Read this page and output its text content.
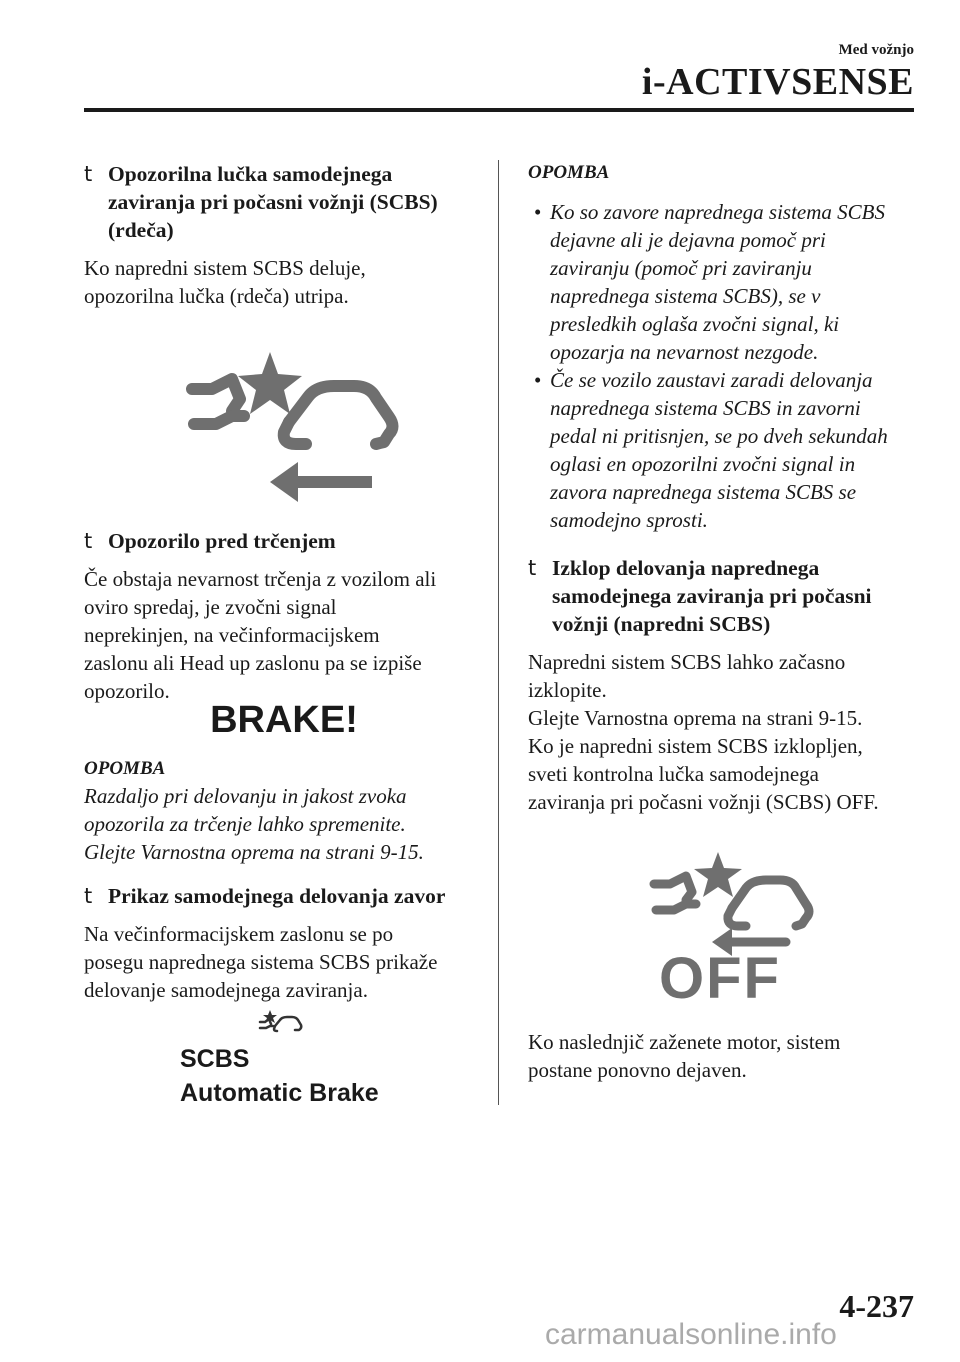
Med vožnjo
i-ACTIVSENSE
t Opozorilna lučka samodejnega
zaviranja pri počasni vožnji (SCBS)
(rdeča)
Ko napredni sistem SCBS deluje,
opozorilna lučka (rdeča) utripa.
t Opozorilo pred trčenjem
Če obstaja nevarnost trčenja z vozilom ali
oviro spredaj, je zvočni signal
neprekinjen, na večinformacijskem
zaslonu ali Head up zaslonu pa se izpiše
opozorilo.
BRAKE!
OPOMBA
Razdaljo pri delovanju in jakost zvoka
opozorila za trčenje lahko spremenite.
Glejte Varnostna oprema na strani 9-15.
t Prikaz samodejnega delovanja zavor
Na večinformacijskem zaslonu se po
posegu naprednega sistema SCBS prikaže
delovanje samodejnega zaviranja.
SCBS
Automatic Brake
OPOMBA
• Ko so zavore naprednega sistema SCBS
dejavne ali je dejavna pomoč pri
zaviranju (pomoč pri zaviranju
naprednega sistema SCBS), se v
presledkih oglaša zvočni signal, ki
opozarja na nevarnost nezgode.
• Če se vozilo zaustavi zaradi delovanja
naprednega sistema SCBS in zavorni
pedal ni pritisnjen, se po dveh sekundah
oglasi en opozorilni zvočni signal in
zavora naprednega sistema SCBS se
samodejno sprosti.
t Izklop delovanja naprednega
samodejnega zaviranja pri počasni
vožnji (napredni SCBS)
Napredni sistem SCBS lahko začasno
izklopite.
Glejte Varnostna oprema na strani 9-15.
Ko je napredni sistem SCBS izklopljen,
sveti kontrolna lučka samodejnega
zaviranja pri počasni vožnji (SCBS) OFF.
OFF
Ko naslednjič zaženete motor, sistem
postane ponovno dejaven.
4-237
carmanualsonline.info
